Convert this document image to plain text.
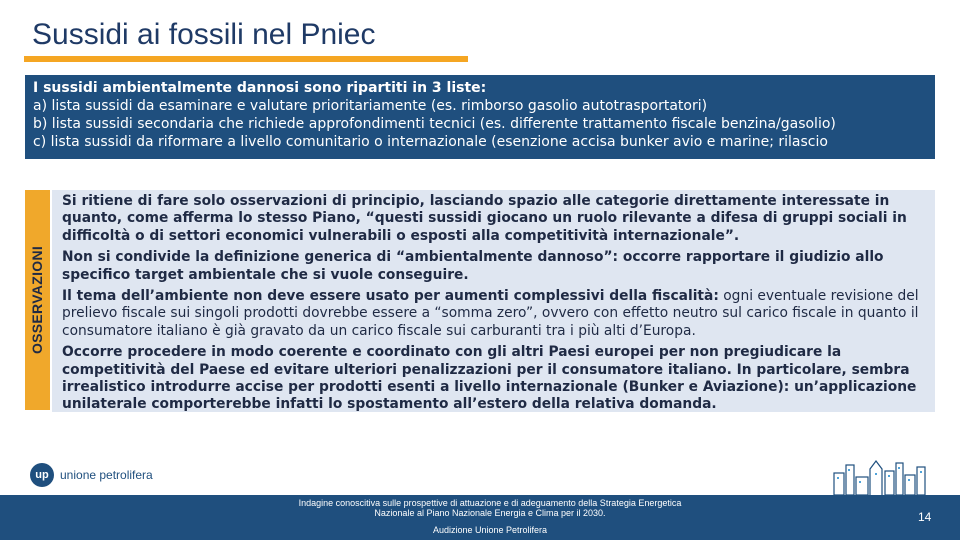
Sussidi ai fossili nel Pniec

I sussidi ambientalmente dannosi sono ripartiti in 3 liste:

a) lista sussidi da esaminare e valutare prioritariamente (es. rimborso gasolio autotrasportatori)

b) lista sussidi secondaria che richiede approfondimenti tecnici (es. differente trattamento fiscale benzina/gasolio)

c) lista sussidi da riformare a livello comunitario o internazionale (esenzione accisa bunker avio e marine; rilascio

OSSERVAZIONI

Si ritiene di fare solo osservazioni di principio, lasciando spazio alle categorie direttamente interessate in quanto, come afferma lo stesso Piano, “questi sussidi giocano un ruolo rilevante a difesa di gruppi sociali in difficoltà o di settori economici vulnerabili o esposti alla competitività internazionale”.

Non si condivide la definizione generica di “ambientalmente dannoso”: occorre rapportare il giudizio allo specifico target ambientale che si vuole conseguire.

Il tema dell’ambiente non deve essere usato per aumenti complessivi della fiscalità: ogni eventuale revisione del prelievo fiscale sui singoli prodotti dovrebbe essere a “somma zero”, ovvero con effetto neutro sul carico fiscale in quanto il consumatore italiano è già gravato da un carico fiscale sui carburanti tra i più alti d’Europa.

Occorre procedere in modo coerente e coordinato con gli altri Paesi europei per non pregiudicare la competitività del Paese ed evitare ulteriori penalizzazioni per il consumatore italiano. In particolare, sembra irrealistico introdurre accise per prodotti esenti a livello internazionale (Bunker e Aviazione): un’applicazione unilaterale comporterebbe infatti lo spostamento all’estero della relativa domanda.

up unione petrolifera
Indagine conoscitiva sulle prospettive di attuazione e di adeguamento della Strategia Energetica Nazionale al Piano Nazionale Energia e Clima per il 2030.
Audizione Unione Petrolifera
14
